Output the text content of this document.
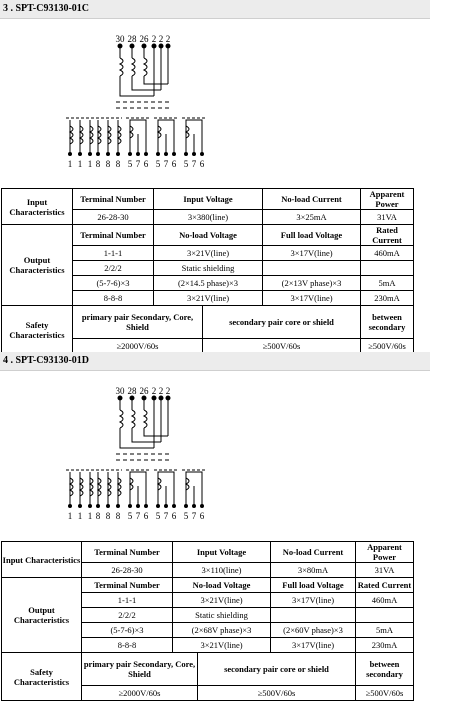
3 . SPT-C93130-01C
30 28 26 2 2 2
1 1 1 8 8 8 5 7 6 5 7 6 5 7 6
Input Characteristics	Terminal Number	Input Voltage		No-load Current	Apparent Power
	26-28-30	3×380(line)		3×25mA	31VA
Output Characteristics	Terminal Number	No-load Voltage		Full load Voltage	Rated Current
	1-1-1	3×21V(line)		3×17V(line)	460mA
	2/2/2	Static shielding			
	(5-7-6)×3	(2×14.5 phase)×3		(2×13V phase)×3	5mA
	8-8-8	3×21V(line)		3×17V(line)	230mA
Safety Characteristics	primary pair Secondary, Core, Shield		secondary pair core or shield		between secondary
	≥2000V/60s		≥500V/60s		≥500V/60s
4 . SPT-C93130-01D
30 28 26 2 2 2
1 1 1 8 8 8 5 7 6 5 7 6 5 7 6
Input Characteristics	Terminal Number	Input Voltage		No-load Current	Apparent Power
	26-28-30	3×110(line)		3×80mA	31VA
Output Characteristics	Terminal Number	No-load Voltage		Full load Voltage	Rated Current
	1-1-1	3×21V(line)		3×17V(line)	460mA
	2/2/2	Static shielding			
	(5-7-6)×3	(2×68V phase)×3		(2×60V phase)×3	5mA
	8-8-8	3×21V(line)		3×17V(line)	230mA
Safety Characteristics	primary pair Secondary, Core, Shield		secondary pair core or shield		between secondary
	≥2000V/60s		≥500V/60s		≥500V/60s
